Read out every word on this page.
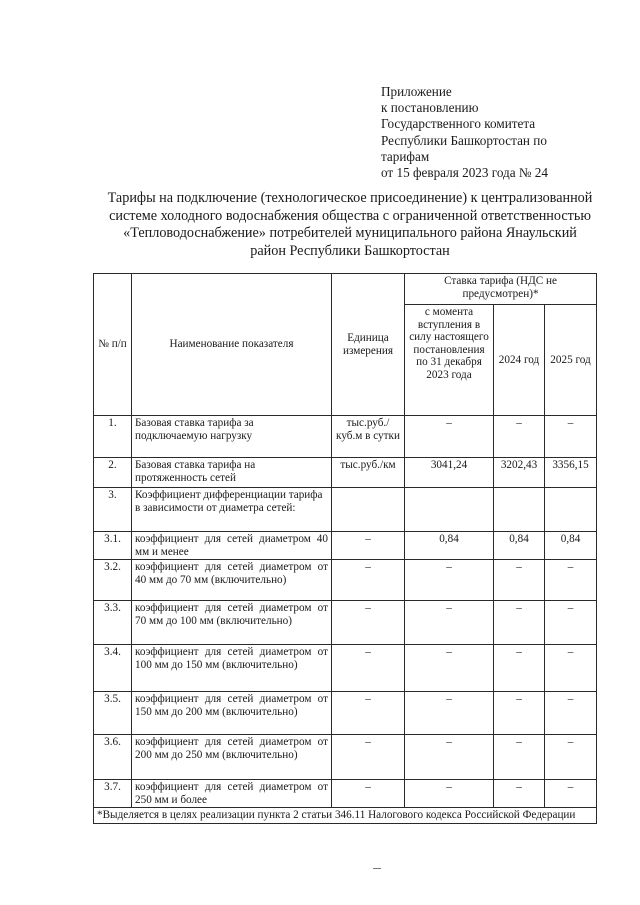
Приложение
к постановлению
Государственного комитета
Республики Башкортостан по
тарифам
от 15 февраля 2023 года № 24
Тарифы на подключение (технологическое присоединение) к централизованной
системе холодного водоснабжения общества с ограниченной ответственностью
«Тепловодоснабжение» потребителей муниципального района Янаульский
район Республики Башкортостан
№ п/п	Наименование показателя	Единица измерения	Ставка тарифа (НДС не предусмотрен)*		
			с момента вступления в силу настоящего постановления по 31 декабря 2023 года	2024 год	2025 год
1.	Базовая ставка тарифа за подключаемую нагрузку	тыс.руб./ куб.м в сутки	–	–	–
2.	Базовая ставка тарифа на протяженность сетей	тыс.руб./км	3041,24	3202,43	3356,15
3.	Коэффициент дифференциации тарифа в зависимости от диаметра сетей:				
3.1.	коэффициент для сетей диаметром 40 мм и менее	–	0,84	0,84	0,84
3.2.	коэффициент для сетей диаметром от 40 мм до 70 мм (включительно)	–	–	–	–
3.3.	коэффициент для сетей диаметром от 70 мм до 100 мм (включительно)	–	–	–	–
3.4.	коэффициент для сетей диаметром от 100 мм до 150 мм (включительно)	–	–	–	–
3.5.	коэффициент для сетей диаметром от 150 мм до 200 мм (включительно)	–	–	–	–
3.6.	коэффициент для сетей диаметром от 200 мм до 250 мм (включительно)	–	–	–	–
3.7.	коэффициент для сетей диаметром от 250 мм и более	–	–	–	–
*Выделяется в целях реализации пункта 2 статьи 346.11 Налогового кодекса Российской Федерации					
